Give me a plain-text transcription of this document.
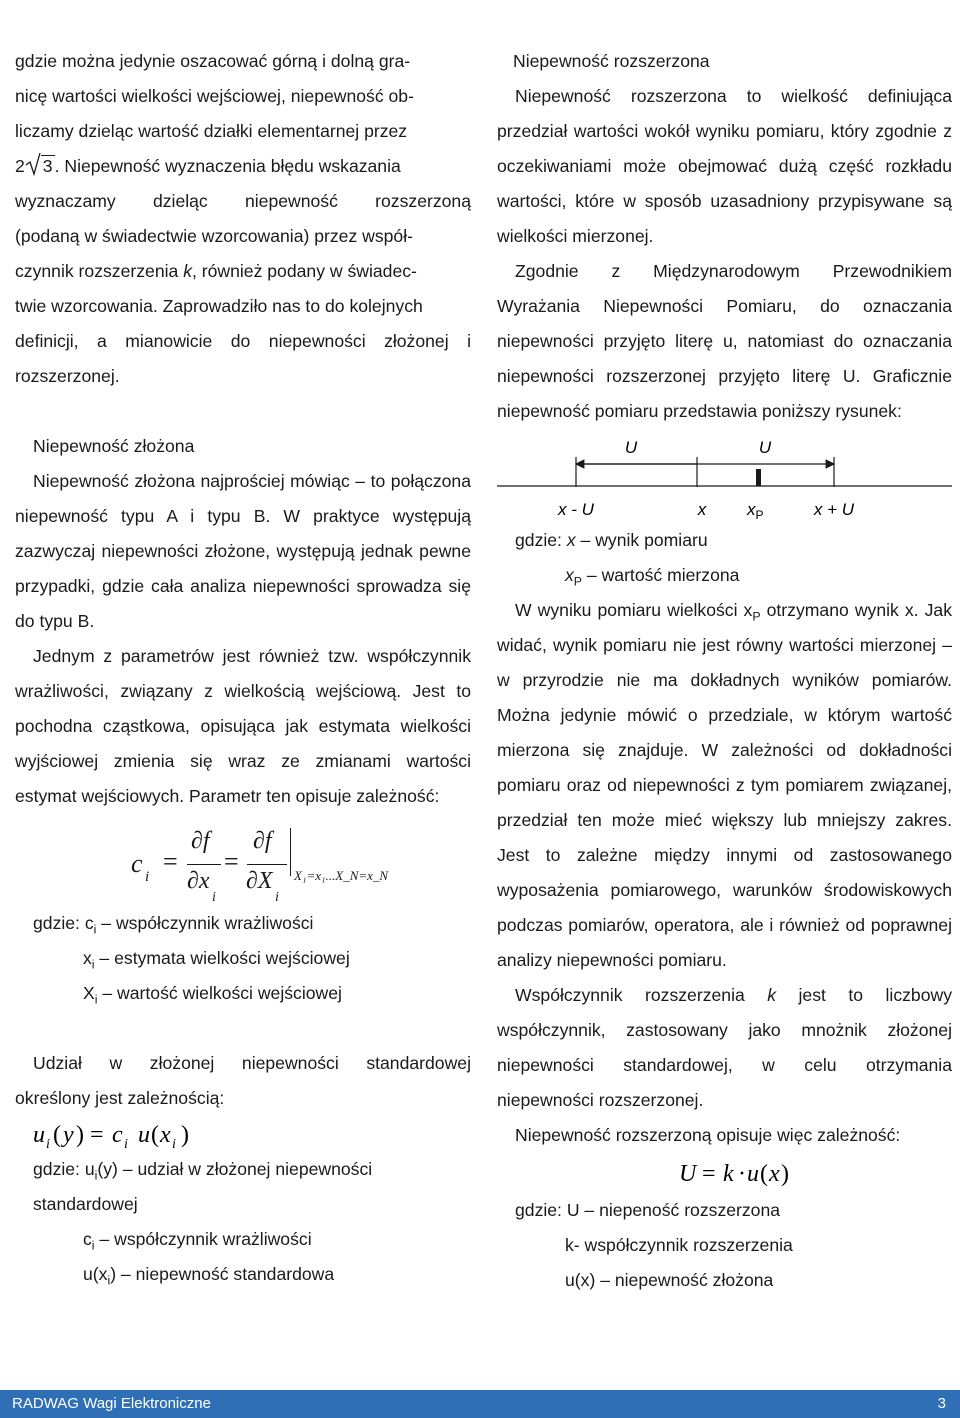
gdzie można jedynie oszacować górną i dolną gra-
nicę wartości wielkości wejściowej, niepewność ob-
liczamy dzieląc wartość działki elementarnej przez
2 3 . Niepewność wyznaczenia błędu wskazania

wyznaczamy dzieląc niepewność rozszerzoną

(podaną w świadectwie wzorcowania) przez współ-
czynnik rozszerzenia k, również podany w świadec-
twie wzorcowania. Zaprowadziło nas to do kolejnych

definicji, a mianowicie do niepewności złożonej i

rozszerzonej.
Niepewność złożona

Niepewność złożona najprościej mówiąc – to połączona niepewność typu A i typu B. W praktyce występują zazwyczaj niepewności złożone, występują jednak pewne przypadki, gdzie cała analiza niepewności sprowadza się do typu B.

Jednym z parametrów jest również tzw. współczynnik wrażliwości, związany z wielkością wejściową. Jest to pochodna cząstkowa, opisująca jak estymata wielkości wyjściowej zmienia się wraz ze zmianami wartości estymat wejściowych. Parametr ten opisuje zależność:

c i
=
∂f
∂x
i
=
∂f
∂X
i
X₁=x₁...X_N=x_N
gdzie: $c_i$ – współczynnik wrażliwości
$x_i$ – estymata wielkości wejściowej
$X_i$ – wartość wielkości wejściowej

Udział w złożonej niepewności standardowej

określony jest zależnością:
u i ( y ) = c i u ( x i )
gdzie: $u_i(y)$ – udział w złożonej niepewności standardowej
$c_i$ – współczynnik wrażliwości
$u(x_i)$ – niepewność standardowa
Niepewność rozszerzona

Niepewność rozszerzona to wielkość definiująca przedział wartości wokół wyniku pomiaru, który zgodnie z oczekiwaniami może obejmować dużą część rozkładu wartości, które w sposób uzasadniony przypisywane są wielkości mierzonej.

Zgodnie z Międzynarodowym Przewodnikiem Wyrażania Niepewności Pomiaru, do oznaczania niepewności przyjęto literę u, natomiast do oznaczania niepewności rozszerzonej przyjęto literę U. Graficznie niepewność pomiaru przedstawia poniższy rysunek:

U	U
x - U	x $x_P$	x + U
gdzie: x – wynik pomiaru
$x_P$ – wartość mierzona

W wyniku pomiaru wielkości $x_P$ otrzymano wynik x. Jak widać, wynik pomiaru nie jest równy wartości mierzonej – w przyrodzie nie ma dokładnych wyników pomiarów. Można jedynie mówić o przedziale, w którym wartość mierzona się znajduje. W zależności od dokładności pomiaru oraz od niepewności z tym pomiarem związanej, przedział ten może mieć większy lub mniejszy zakres. Jest to zależne między innymi od zastosowanego wyposażenia pomiarowego, warunków środowiskowych podczas pomiarów, operatora, ale i również od poprawnej analizy niepewności pomiaru.

Współczynnik rozszerzenia k jest to liczbowy współczynnik, zastosowany jako mnożnik złożonej niepewności standardowej, w celu otrzymania niepewności rozszerzonej.

Niepewność rozszerzoną opisuje więc zależność:

U = k · u ( x )
gdzie: U – niepeność rozszerzona
k- współczynnik rozszerzenia
u(x) – niepewność złożona
RADWAG Wagi Elektroniczne	3
